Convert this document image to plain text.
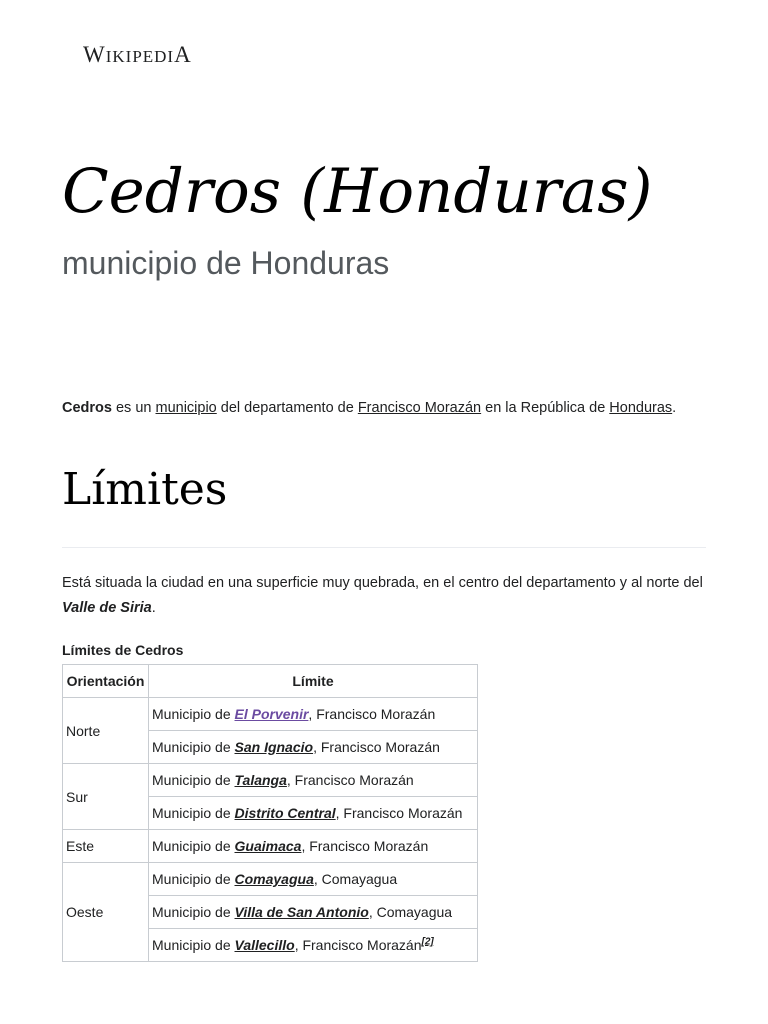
WIKIPEDIA
Cedros (Honduras)
municipio de Honduras

Cedros es un municipio del departamento de Francisco Morazán en la República de Honduras.

Límites

Está situada la ciudad en una superficie muy quebrada, en el centro del departamento y al norte del Valle de Siria.

Límites de Cedros
Orientación	Límite
Norte	Municipio de El Porvenir, Francisco Morazán
	Municipio de San Ignacio, Francisco Morazán
Sur	Municipio de Talanga, Francisco Morazán
	Municipio de Distrito Central, Francisco Morazán
Este	Municipio de Guaimaca, Francisco Morazán
Oeste	Municipio de Comayagua, Comayagua
	Municipio de Villa de San Antonio, Comayagua
	Municipio de Vallecillo, Francisco Morazán[2]
